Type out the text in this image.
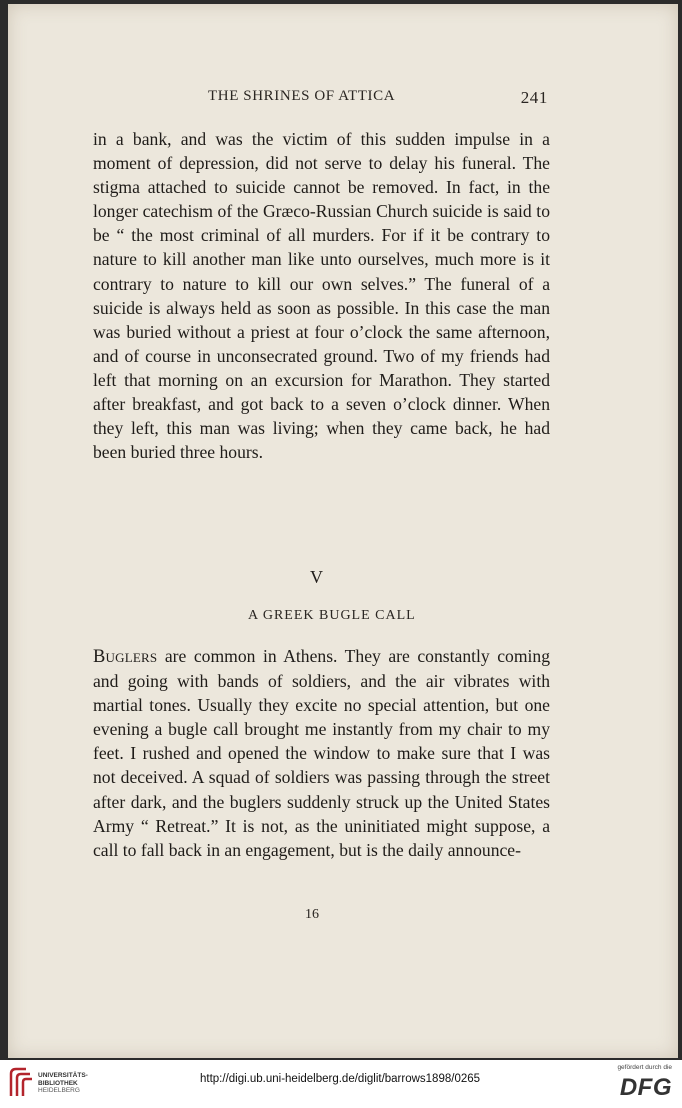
THE SHRINES OF ATTICA	241

in a bank, and was the victim of this sudden impulse in a moment of depression, did not serve to delay his funeral. The stigma attached to suicide cannot be removed. In fact, in the longer catechism of the Græco-Russian Church suicide is said to be “ the most criminal of all murders. For if it be contrary to nature to kill another man like unto ourselves, much more is it contrary to nature to kill our own selves.” The funeral of a suicide is always held as soon as possible. In this case the man was buried without a priest at four o’clock the same afternoon, and of course in unconsecrated ground. Two of my friends had left that morning on an excursion for Marathon. They started after breakfast, and got back to a seven o’clock dinner. When they left, this man was living; when they came back, he had been buried three hours.

V
A GREEK BUGLE CALL

Buglers are common in Athens. They are constantly coming and going with bands of soldiers, and the air vibrates with martial tones. Usually they excite no special attention, but one evening a bugle call brought me instantly from my chair to my feet. I rushed and opened the window to make sure that I was not deceived. A squad of soldiers was passing through the street after dark, and the buglers suddenly struck up the United States Army “ Retreat.” It is not, as the uninitiated might suppose, a call to fall back in an engagement, but is the daily announce-

16
UNIVERSITÄTS-
BIBLIOTHEK
HEIDELBERG
http://digi.ub.uni-heidelberg.de/diglit/barrows1898/0265
gefördert durch die
DFG
